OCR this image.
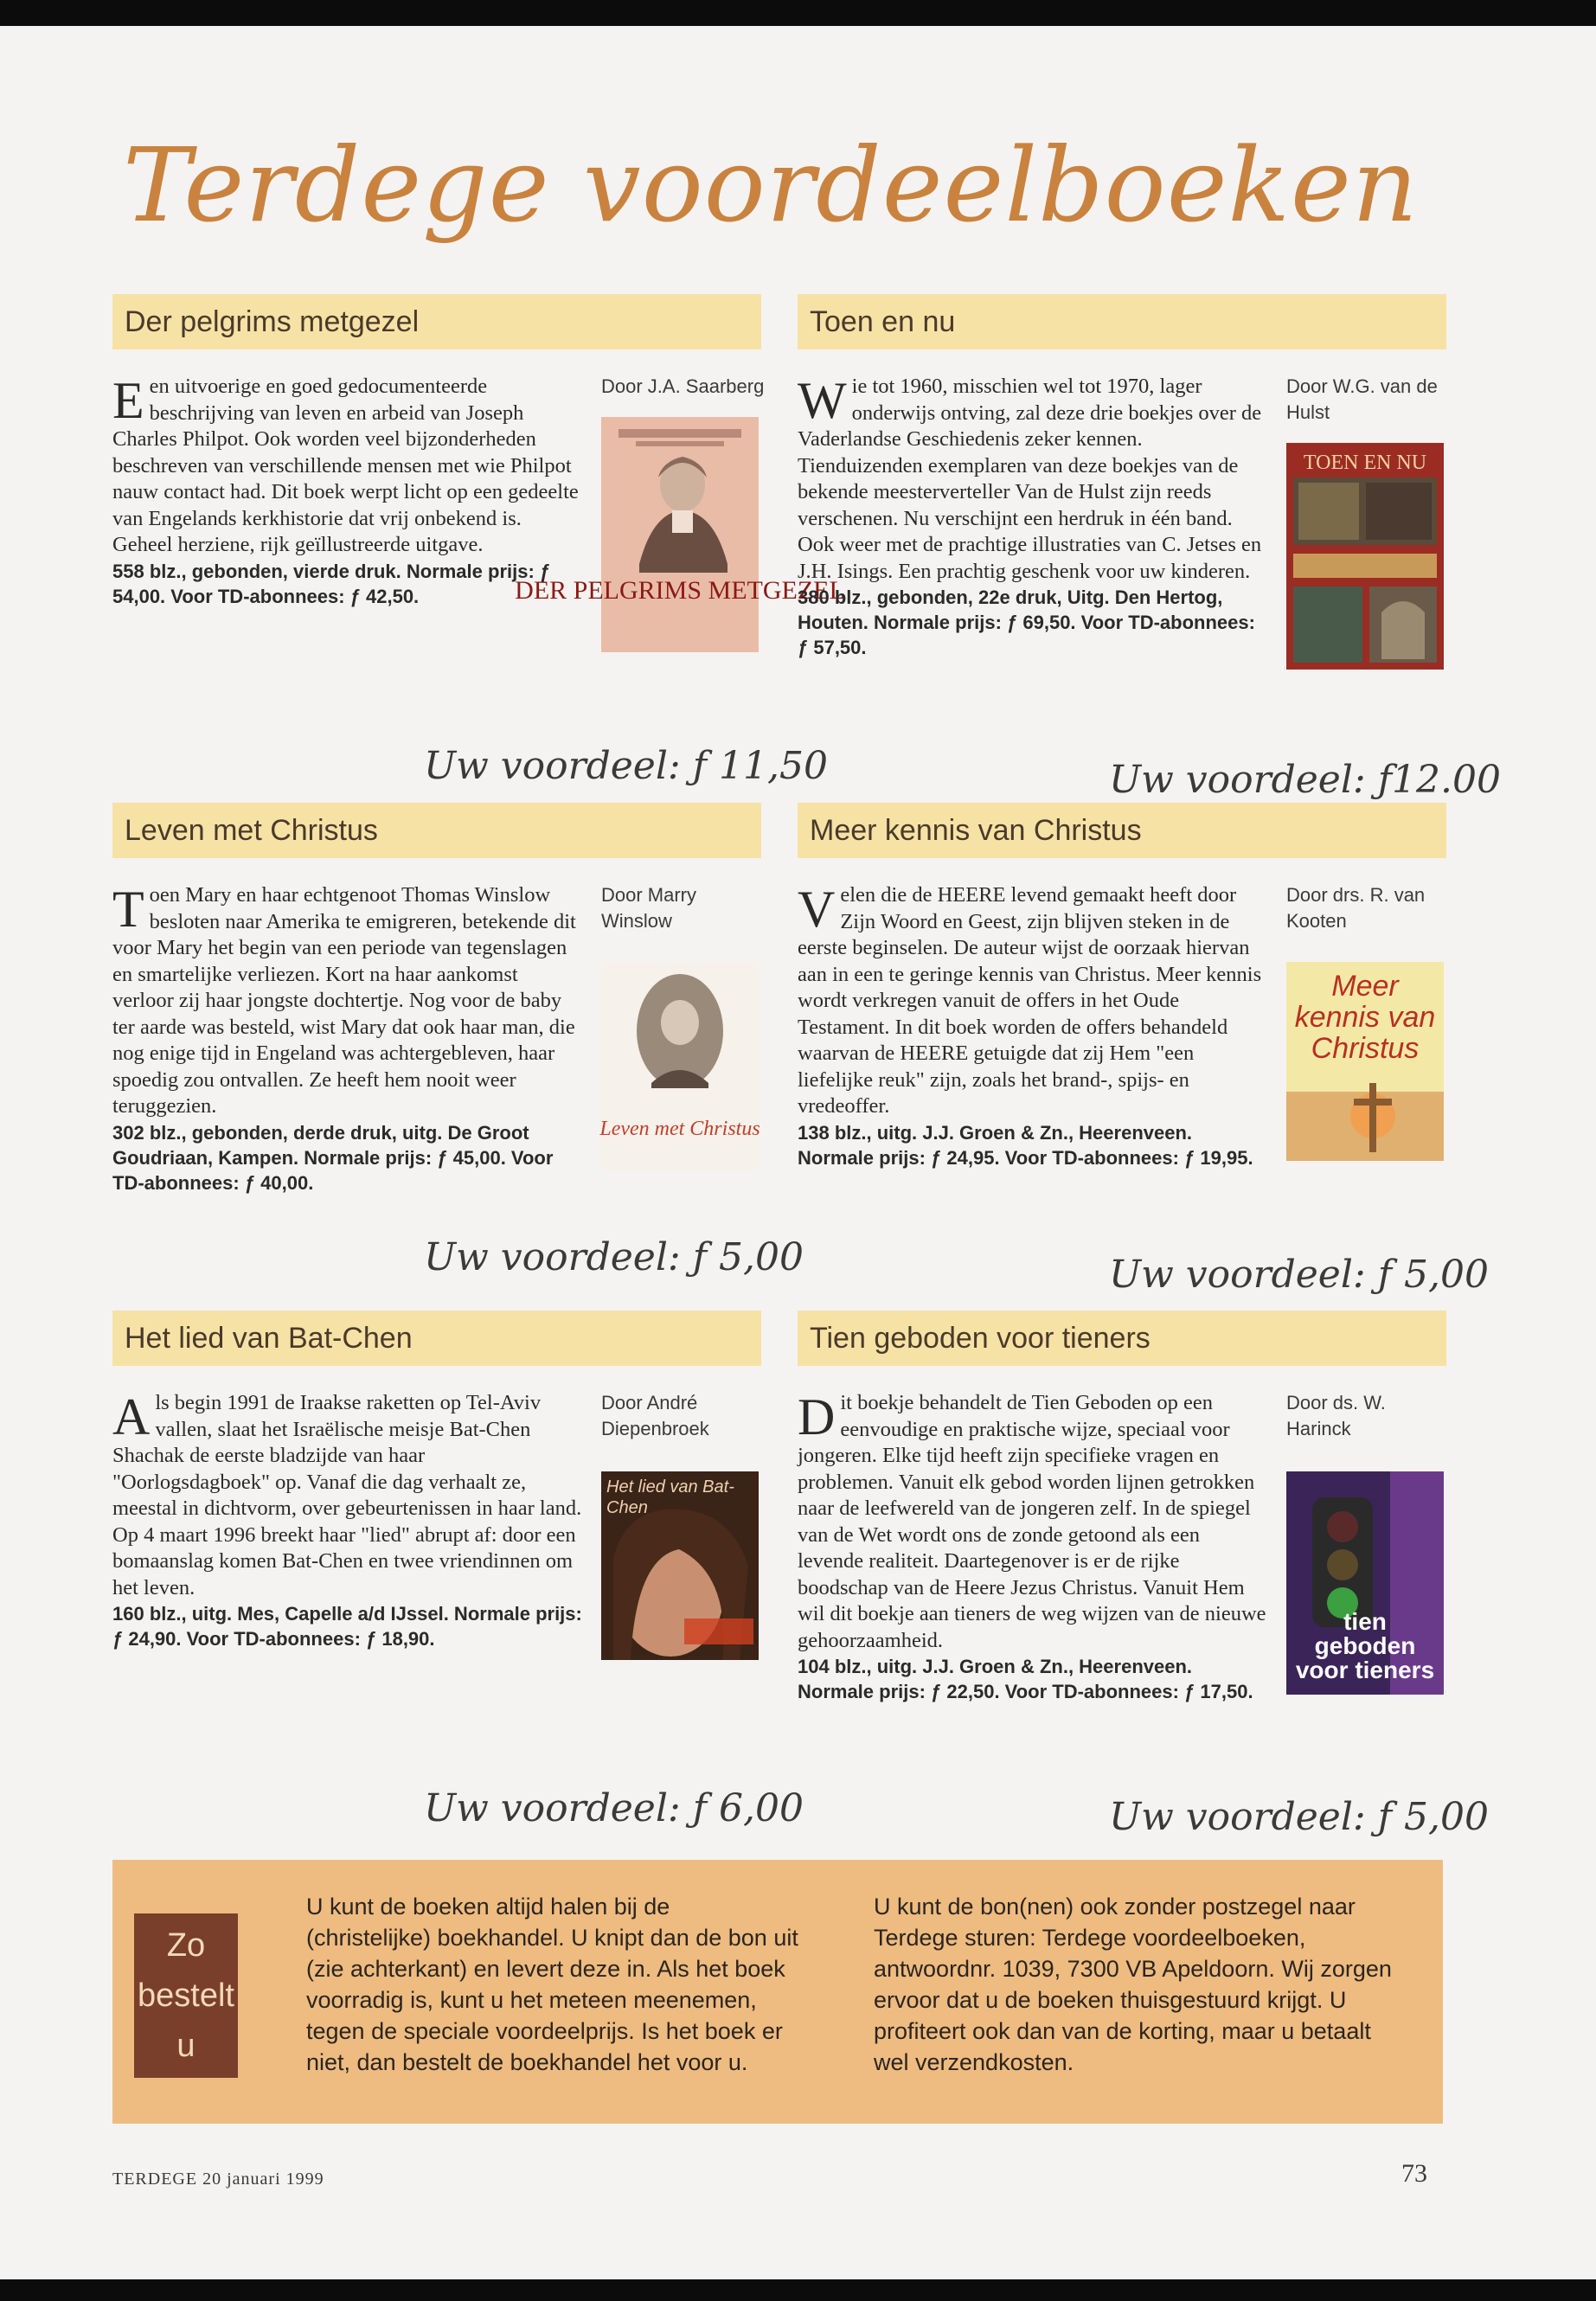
Terdege voordeelboeken
Der pelgrims metgezel
Een uitvoerige en goed gedocumenteerde beschrijving van leven en arbeid van Joseph Charles Philpot. Ook worden veel bijzonderheden beschreven van verschillende mensen met wie Philpot nauw contact had. Dit boek werpt licht op een gedeelte van Engelands kerkhistorie dat vrij onbekend is. Geheel herziene, rijk geïllustreerde uitgave.
558 blz., gebonden, vierde druk. Normale prijs: ƒ 54,00. Voor TD-abonnees: ƒ 42,50.
Door J.A. Saarberg
DER PELGRIMS METGEZEL
Uw voordeel: ƒ 11,50
Toen en nu
Wie tot 1960, misschien wel tot 1970, lager onderwijs ontving, zal deze drie boekjes over de Vaderlandse Geschiedenis zeker kennen. Tienduizenden exemplaren van deze boekjes van de bekende meesterverteller Van de Hulst zijn reeds verschenen. Nu verschijnt een herdruk in één band. Ook weer met de prachtige illustraties van C. Jetses en J.H. Isings. Een prachtig geschenk voor uw kinderen.
380 blz., gebonden, 22e druk, Uitg. Den Hertog, Houten. Normale prijs: ƒ 69,50. Voor TD-abonnees: ƒ 57,50.
Door W.G. van de Hulst
TOEN EN NU
Uw voordeel: ƒ12.00
Leven met Christus
Toen Mary en haar echtgenoot Thomas Winslow besloten naar Amerika te emigreren, betekende dit voor Mary het begin van een periode van tegenslagen en smartelijke verliezen. Kort na haar aankomst verloor zij haar jongste dochtertje. Nog voor de baby ter aarde was besteld, wist Mary dat ook haar man, die nog enige tijd in Engeland was achtergebleven, haar spoedig zou ontvallen. Ze heeft hem nooit weer teruggezien.
302 blz., gebonden, derde druk, uitg. De Groot Goudriaan, Kampen. Normale prijs: ƒ 45,00. Voor TD-abonnees: ƒ 40,00.
Door Marry Winslow
Leven met Christus
Uw voordeel: ƒ 5,00
Meer kennis van Christus
Velen die de HEERE levend gemaakt heeft door Zijn Woord en Geest, zijn blijven steken in de eerste beginselen. De auteur wijst de oorzaak hiervan aan in een te geringe kennis van Christus. Meer kennis wordt verkregen vanuit de offers in het Oude Testament. In dit boek worden de offers behandeld waarvan de HEERE getuigde dat zij Hem "een liefelijke reuk" zijn, zoals het brand-, spijs- en vredeoffer.
138 blz., uitg. J.J. Groen & Zn., Heerenveen. Normale prijs: ƒ 24,95. Voor TD-abonnees: ƒ 19,95.
Door drs. R. van Kooten
Meer kennis van Christus
Uw voordeel: ƒ 5,00
Het lied van Bat-Chen
Als begin 1991 de Iraakse raketten op Tel-Aviv vallen, slaat het Israëlische meisje Bat-Chen Shachak de eerste bladzijde van haar "Oorlogsdagboek" op. Vanaf die dag verhaalt ze, meestal in dichtvorm, over gebeurtenissen in haar land. Op 4 maart 1996 breekt haar "lied" abrupt af: door een bomaanslag komen Bat-Chen en twee vriendinnen om het leven.
160 blz., uitg. Mes, Capelle a/d IJssel. Normale prijs: ƒ 24,90. Voor TD-abonnees: ƒ 18,90.
Door André Diepenbroek
Het lied van Bat-Chen
Uw voordeel: ƒ 6,00
Tien geboden voor tieners
Dit boekje behandelt de Tien Geboden op een eenvoudige en praktische wijze, speciaal voor jongeren. Elke tijd heeft zijn specifieke vragen en problemen. Vanuit elk gebod worden lijnen getrokken naar de leefwereld van de jongeren zelf. In de spiegel van de Wet wordt ons de zonde getoond als een levende realiteit. Daartegenover is er de rijke boodschap van de Heere Jezus Christus. Vanuit Hem wil dit boekje aan tieners de weg wijzen van de nieuwe gehoorzaamheid.
104 blz., uitg. J.J. Groen & Zn., Heerenveen. Normale prijs: ƒ 22,50. Voor TD-abonnees: ƒ 17,50.
Door ds. W. Harinck
tien geboden voor tieners
Uw voordeel: ƒ 5,00
Zo bestelt u
U kunt de boeken altijd halen bij de (christelijke) boekhandel. U knipt dan de bon uit (zie achterkant) en levert deze in. Als het boek voorradig is, kunt u het meteen meenemen, tegen de speciale voordeelprijs. Is het boek er niet, dan bestelt de boekhandel het voor u.
U kunt de bon(nen) ook zonder postzegel naar Terdege sturen: Terdege voordeelboeken, antwoordnr. 1039, 7300 VB Apeldoorn. Wij zorgen ervoor dat u de boeken thuisgestuurd krijgt. U profiteert ook dan van de korting, maar u betaalt wel verzendkosten.
TERDEGE 20 januari 1999	73
